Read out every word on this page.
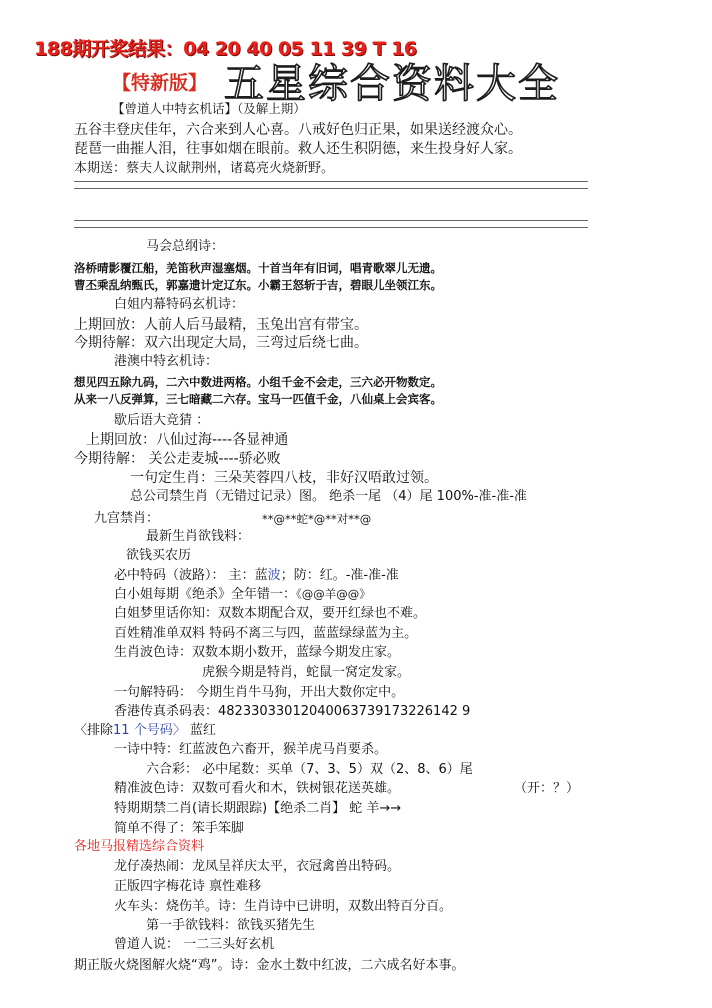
188期开奖结果：04 20 40 05 11 39 T 16
【特新版】 五星综合资料大全
【曾道人中特玄机话】（及解上期）
五谷丰登庆佳年，六合来到人心喜。八戒好色归正果，如果送经渡众心。
琵琶一曲摧人泪，往事如烟在眼前。救人还生积阴德，来生投身好人家。
本期送：蔡夫人议献荆州，诸葛亮火烧新野。
马会总纲诗：
洛桥晴影覆江船，羌笛秋声湿塞烟。十首当年有旧词，唱青歌翠儿无遗。
曹丕乘乱纳甄氏，郭嘉遗计定辽东。小霸王怒斩于吉，碧眼儿坐领江东。
白姐内幕特码玄机诗：
上期回放：人前人后马最精，玉兔出宫有带宝。
今期待解：双六出现定大局，三弯过后绕七曲。
港澳中特玄机诗：
想见四五除九码，二六中数进两格。小组千金不会走，三六必开物数定。
从来一八反弹算，三七暗藏二六存。宝马一匹值千金，八仙桌上会宾客。
歇后语大竞猜 ：
上期回放：八仙过海----各显神通
今期待解： 关公走麦城----骄必败
一句定生肖：三朵芙蓉四八枝，非好汉唔敢过领。
总公司禁生肖（无错过记录）图。 绝杀一尾 （4）尾 100%-准-准-准
九宫禁肖：	**@**蛇*@**对**@
最新生肖欲钱料：
欲钱买农历
必中特码（波路）： 主：蓝波；防：红。-准-准-准
白小姐每期《绝杀》全年错一：《@@羊@@》
白姐梦里话你知：双数本期配合双，要开红绿也不难。
百姓精准单双料 特码不离三与四，蓝蓝绿绿蓝为主。
生肖波色诗：双数本期小数开，蓝绿今期发庄家。
虎猴今期是特肖，蛇鼠一窝定发家。
一句解特码： 今期生肖牛马狗，开出大数你定中。
香港传真杀码表：48233033012040063739173226142 9
〈排除11 个号码〉 蓝红
一诗中特：红蓝波色六畜开，猴羊虎马肖要杀。
六合彩： 必中尾数：买单（7、3、5）双（2、8、6）尾
精准波色诗：双数可看火和木，铁树银花送英雄。	（开：？）
特期期禁二肖(请长期跟踪)【绝杀二肖】 蛇 羊→→
简单不得了：笨手笨脚
各地马报精选综合资料
龙仔凑热闹：龙凤呈祥庆太平，衣冠禽兽出特码。
正版四字梅花诗 禀性难移
火车头：烧伤羊。诗：生肖诗中已讲明，双数出特百分百。
第一手欲钱料：欲钱买猪先生
曾道人说： 一二三头好玄机
期正版火烧图解火烧“鸡”。诗：金水土数中红波，二六成名好本事。
